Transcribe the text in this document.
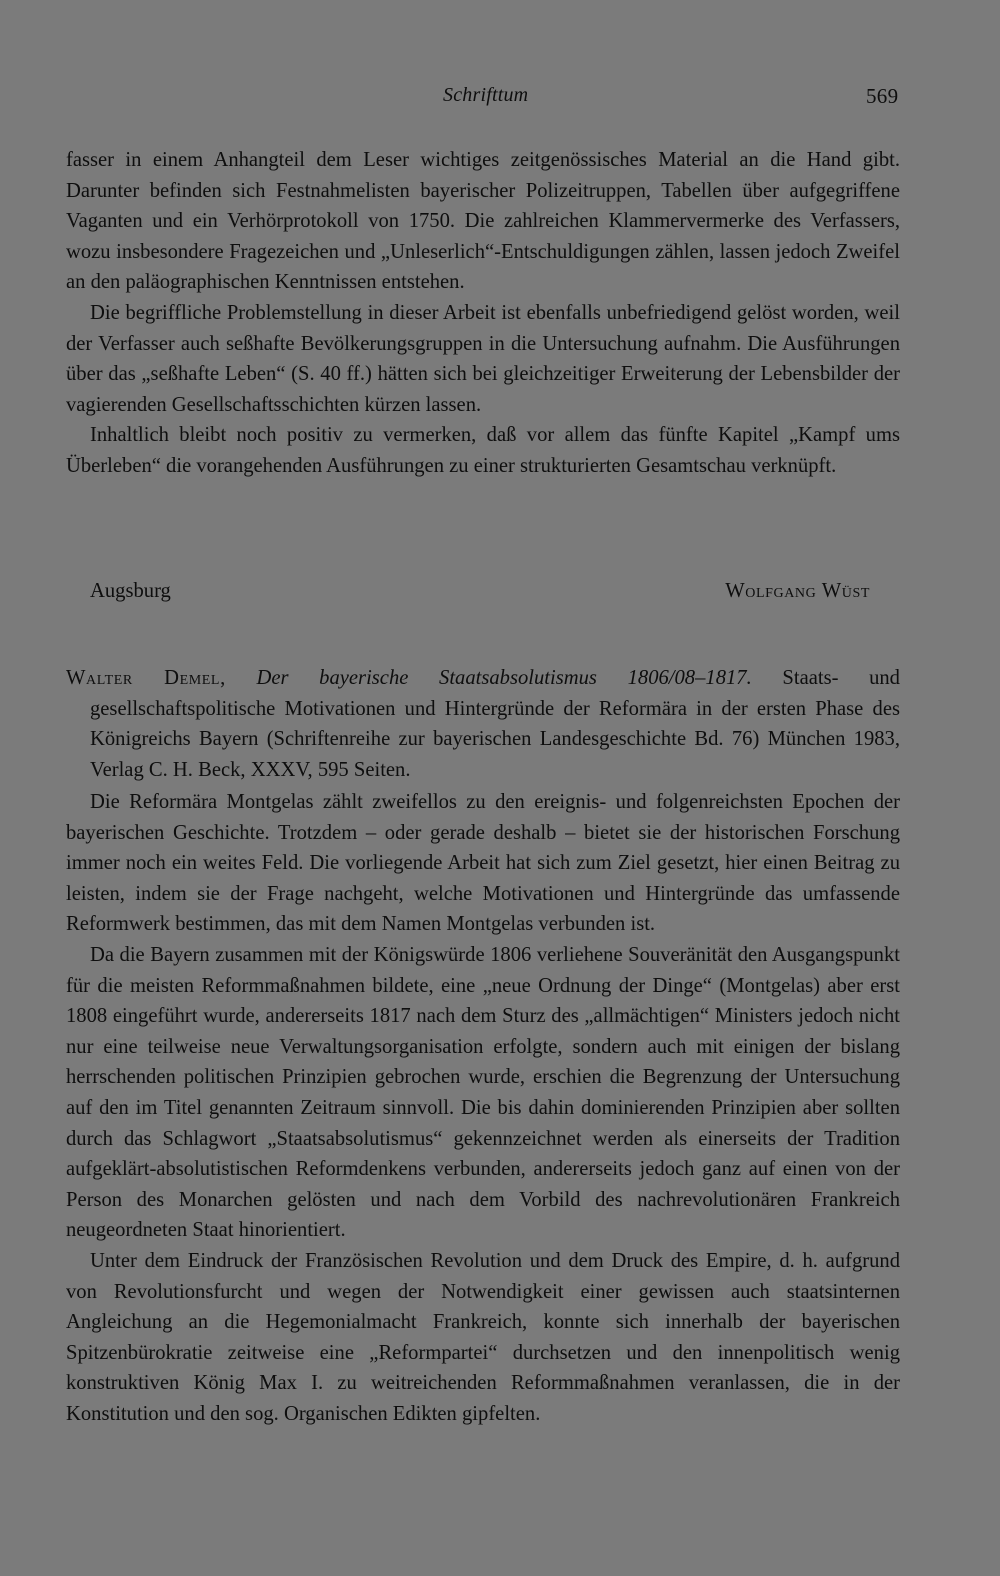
Schrifttum	569

fasser in einem Anhangteil dem Leser wichtiges zeitgenössisches Material an die Hand gibt. Darunter befinden sich Festnahmelisten bayerischer Polizeitruppen, Tabellen über aufgegriffene Vaganten und ein Verhörprotokoll von 1750. Die zahlreichen Klammervermerke des Verfassers, wozu insbesondere Fragezeichen und „Unleserlich“-Entschuldigungen zählen, lassen jedoch Zweifel an den paläographischen Kenntnissen entstehen.

Die begriffliche Problemstellung in dieser Arbeit ist ebenfalls unbefriedigend gelöst worden, weil der Verfasser auch seßhafte Bevölkerungsgruppen in die Untersuchung aufnahm. Die Ausführungen über das „seßhafte Leben“ (S. 40 ff.) hätten sich bei gleichzeitiger Erweiterung der Lebensbilder der vagierenden Gesellschaftsschichten kürzen lassen.

Inhaltlich bleibt noch positiv zu vermerken, daß vor allem das fünfte Kapitel „Kampf ums Überleben“ die vorangehenden Ausführungen zu einer strukturierten Gesamtschau verknüpft.

Augsburg	Wolfgang Wüst
Walter Demel, Der bayerische Staatsabsolutismus 1806/08–1817. Staats- und gesellschaftspolitische Motivationen und Hintergründe der Reformära in der ersten Phase des Königreichs Bayern (Schriftenreihe zur bayerischen Landesgeschichte Bd. 76) München 1983, Verlag C. H. Beck, XXXV, 595 Seiten.

Die Reformära Montgelas zählt zweifellos zu den ereignis- und folgenreichsten Epochen der bayerischen Geschichte. Trotzdem – oder gerade deshalb – bietet sie der historischen Forschung immer noch ein weites Feld. Die vorliegende Arbeit hat sich zum Ziel gesetzt, hier einen Beitrag zu leisten, indem sie der Frage nachgeht, welche Motivationen und Hintergründe das umfassende Reformwerk bestimmen, das mit dem Namen Montgelas verbunden ist.

Da die Bayern zusammen mit der Königswürde 1806 verliehene Souveränität den Ausgangspunkt für die meisten Reformmaßnahmen bildete, eine „neue Ordnung der Dinge“ (Montgelas) aber erst 1808 eingeführt wurde, andererseits 1817 nach dem Sturz des „allmächtigen“ Ministers jedoch nicht nur eine teilweise neue Verwaltungsorganisation erfolgte, sondern auch mit einigen der bislang herrschenden politischen Prinzipien gebrochen wurde, erschien die Begrenzung der Untersuchung auf den im Titel genannten Zeitraum sinnvoll. Die bis dahin dominierenden Prinzipien aber sollten durch das Schlagwort „Staatsabsolutismus“ gekennzeichnet werden als einerseits der Tradition aufgeklärt-absolutistischen Reformdenkens verbunden, andererseits jedoch ganz auf einen von der Person des Monarchen gelösten und nach dem Vorbild des nachrevolutionären Frankreich neugeordneten Staat hinorientiert.

Unter dem Eindruck der Französischen Revolution und dem Druck des Empire, d. h. aufgrund von Revolutionsfurcht und wegen der Notwendigkeit einer gewissen auch staatsinternen Angleichung an die Hegemonialmacht Frankreich, konnte sich innerhalb der bayerischen Spitzenbürokratie zeitweise eine „Reformpartei“ durchsetzen und den innenpolitisch wenig konstruktiven König Max I. zu weitreichenden Reformmaßnahmen veranlassen, die in der Konstitution und den sog. Organischen Edikten gipfelten.
